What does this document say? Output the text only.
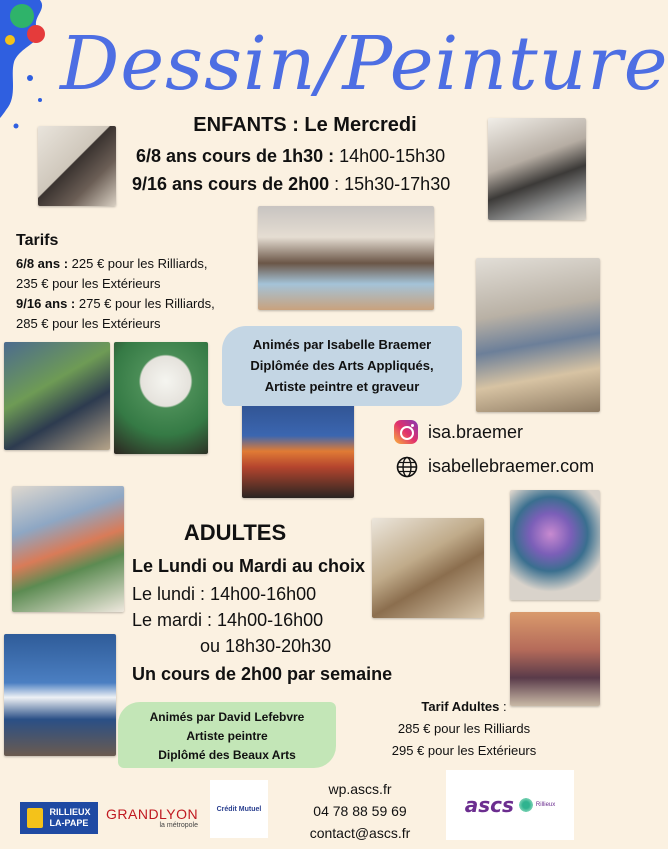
Dessin/Peinture
ENFANTS : Le Mercredi
6/8 ans cours de 1h30 : 14h00-15h30
9/16 ans cours de 2h00 : 15h30-17h30
Tarifs
6/8 ans : 225 € pour les Rilliards,
235 € pour les Extérieurs
9/16 ans : 275 € pour les Rilliards,
285 € pour les Extérieurs
Animés par Isabelle Braemer
Diplômée des Arts Appliqués,
Artiste peintre et graveur
isa.braemer
isabellebraemer.com
ADULTES
Le Lundi ou Mardi au choix
Le lundi : 14h00-16h00
Le mardi : 14h00-16h00
ou 18h30-20h30
Un cours de 2h00 par semaine
Animés par David Lefebvre
Artiste peintre
Diplômé des Beaux Arts
Tarif Adultes :
285 € pour les Rilliards
295 € pour les Extérieurs
RILLIEUX
LA-PAPE
GRANDLYON
la métropole
Crédit Mutuel
wp.ascs.fr
04 78 88 59 69
contact@ascs.fr
ascs	Rillieux
